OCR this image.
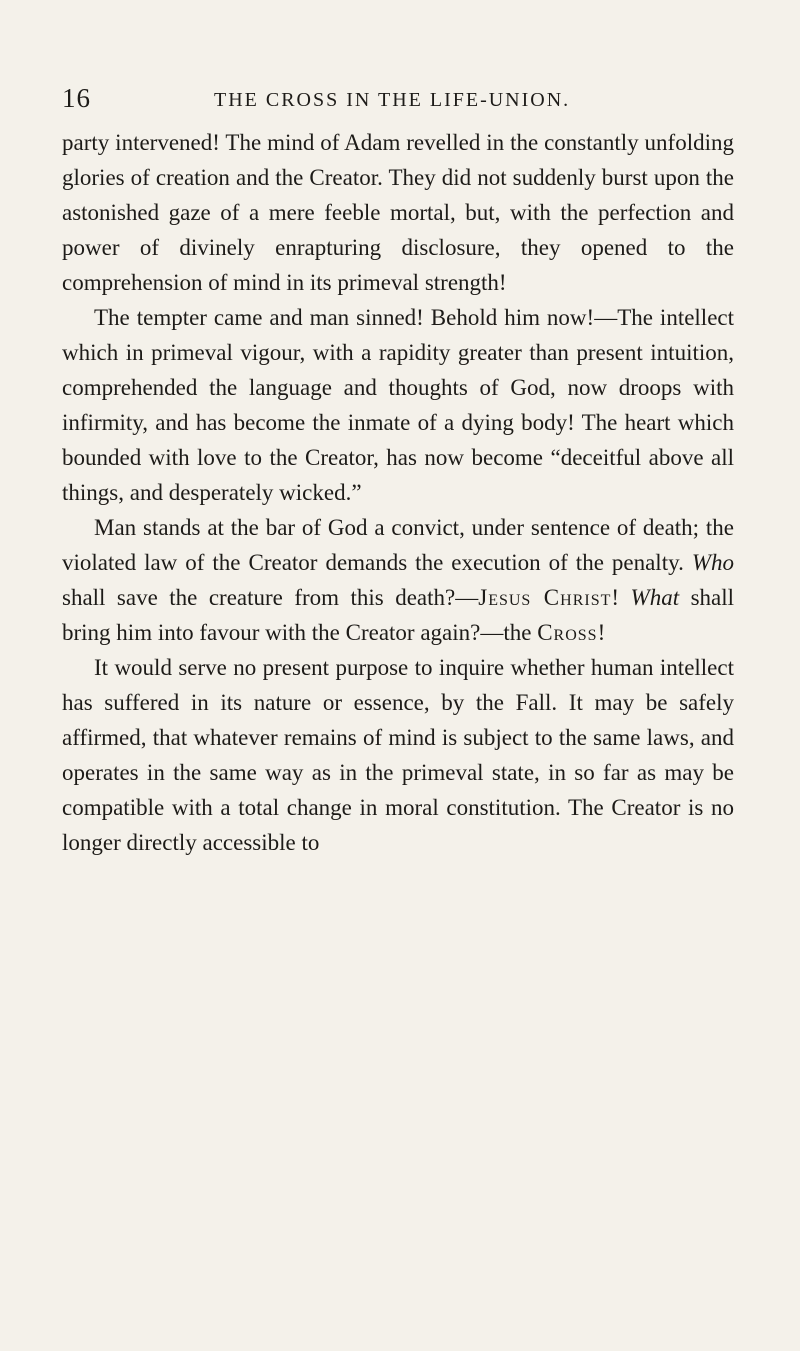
16	THE CROSS IN THE LIFE-UNION.

party intervened! The mind of Adam revelled in the constantly unfolding glories of creation and the Creator. They did not suddenly burst upon the astonished gaze of a mere feeble mortal, but, with the perfection and power of divinely enrapturing disclosure, they opened to the comprehension of mind in its primeval strength!

The tempter came and man sinned! Behold him now!—The intellect which in primeval vigour, with a rapidity greater than present intuition, comprehended the language and thoughts of God, now droops with infirmity, and has become the inmate of a dying body! The heart which bounded with love to the Creator, has now become “deceitful above all things, and desperately wicked.”

Man stands at the bar of God a convict, under sentence of death; the violated law of the Creator demands the execution of the penalty. Who shall save the creature from this death?—Jesus Christ! What shall bring him into favour with the Creator again?—the Cross!

It would serve no present purpose to inquire whether human intellect has suffered in its nature or essence, by the Fall. It may be safely affirmed, that whatever remains of mind is subject to the same laws, and operates in the same way as in the primeval state, in so far as may be compatible with a total change in moral constitution. The Creator is no longer directly accessible to
